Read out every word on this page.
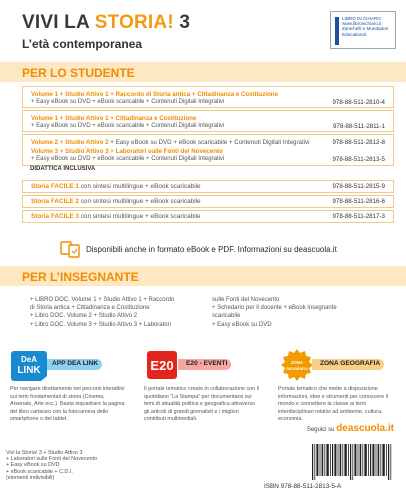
VIVI LA STORIA! 3
L’età contemporanea
LIBRO IN CHIARO www.libroinchiaro.it Zanichelli e Mondadori Educational
PER LO STUDENTE
Volume 1 + Studio Attivo 1 + Raccordo di Storia antica + Cittadinanza e Costituzione
+ Easy eBook su DVD + eBook scaricabile + Contenuti Digitali Integrativi	978-88-511-2810-4
Volume 1 + Studio Attivo 1 + Cittadinanza e Costituzione
+ Easy eBook su DVD + eBook scaricabile + Contenuti Digitali Integrativi	978-88-511-2811-1
Volume 2 + Studio Attivo 2 + Easy eBook su DVD + eBook scaricabile + Contenuti Digitali Integrativi	978-88-511-2812-8
Volume 3 + Studio Attivo 3 + Laboratori sulle Fonti del Novecento
+ Easy eBook su DVD + eBook scaricabile + Contenuti Digitali Integrativi	978-88-511-2813-5
DIDATTICA INCLUSIVA
Storia FACILE 1 con sintesi multilingue + eBook scaricabile	978-88-511-2815-9
Storia FACILE 2 con sintesi multilingue + eBook scaricabile	978-88-511-2816-6
Storia FACILE 3 con sintesi multilingue + eBook scaricabile	978-88-511-2817-3
Disponibili anche in formato eBook e PDF. Informazioni su deascuola.it
PER L’INSEGNANTE
+ LIBRO DOC. Volume 1 + Studio Attivo 1 + Raccordo
di Storia antica + Cittadinanza e Costituzione
+ Libro DOC. Volume 2 + Studio Attivo 2
+ Libro DOC. Volume 3 + Studio Attivo 3 + Laboratori
sulle Fonti del Novecento
+ Schedario per il docente + eBook insegnante
scaricabile
+ Easy eBook su DVD
APP DEA LINK
DeA
LINK
Per navigare direttamente nei percorsi interattivi sui temi fondamentali di storia (Cinema, Arsenale, Arte ecc.). Basta inquadrare la pagina del libro cartaceo con la fotocamera dello smartphone o del tablet.
E20 - EVENTI
E20
Il portale tematico creato in collaborazione con il quotidiano “La Stampa” per documentarsi sui temi di attualità politica e geografica attraverso gli articoli di grandi giornalisti e i migliori contributi multimediali.
ZONA GEOGRAFIA
ZONA
GEOGRAFIA
Portale tematico che mette a disposizione informazioni, idee e strumenti per conoscere il mondo e connettere la classe ai temi interdisciplinari relativi ad ambiente, cultura, economia.
Seguici su deascuola.it
Vivi la Storia! 3 + Studio Attivo 3
+ Laboratori sulle Fonti del Novecento
+ Easy eBook su DVD
+ eBook scaricabile + C.D.I.
(elementi indivisibili)
ISBN 978-88-511-2813-5-A
